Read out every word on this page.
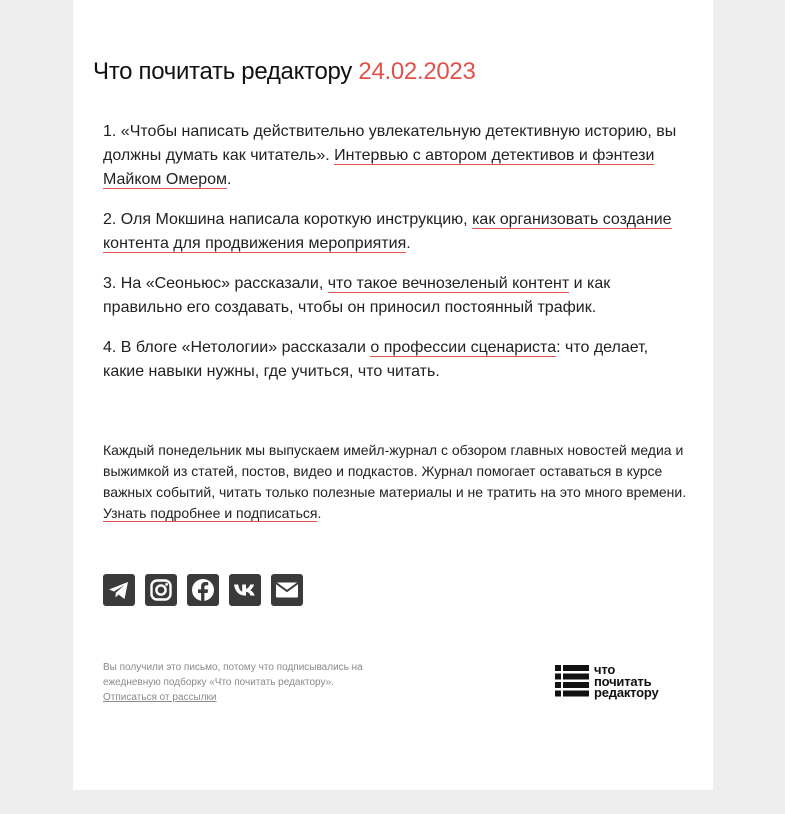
Что почитать редактору 24.02.2023

1. «Чтобы написать действительно увлекательную детективную историю, вы должны думать как читатель». Интервью с автором детективов и фэнтези Майком Омером.

2. Оля Мокшина написала короткую инструкцию, как организовать создание контента для продвижения мероприятия.

3. На «Сеоньюс» рассказали, что такое вечнозеленый контент и как правильно его создавать, чтобы он приносил постоянный трафик.

4. В блоге «Нетологии» рассказали о профессии сценариста: что делает, какие навыки нужны, где учиться, что читать.

Каждый понедельник мы выпускаем имейл-журнал с обзором главных новостей медиа и выжимкой из статей, постов, видео и подкастов. Журнал помогает оставаться в курсе важных событий, читать только полезные материалы и не тратить на это много времени. Узнать подробнее и подписаться.

Вы получили это письмо, потому что подписывались на ежедневную подборку «Что почитать редактору».
Отписаться от рассылки
что
почитать
редактору
